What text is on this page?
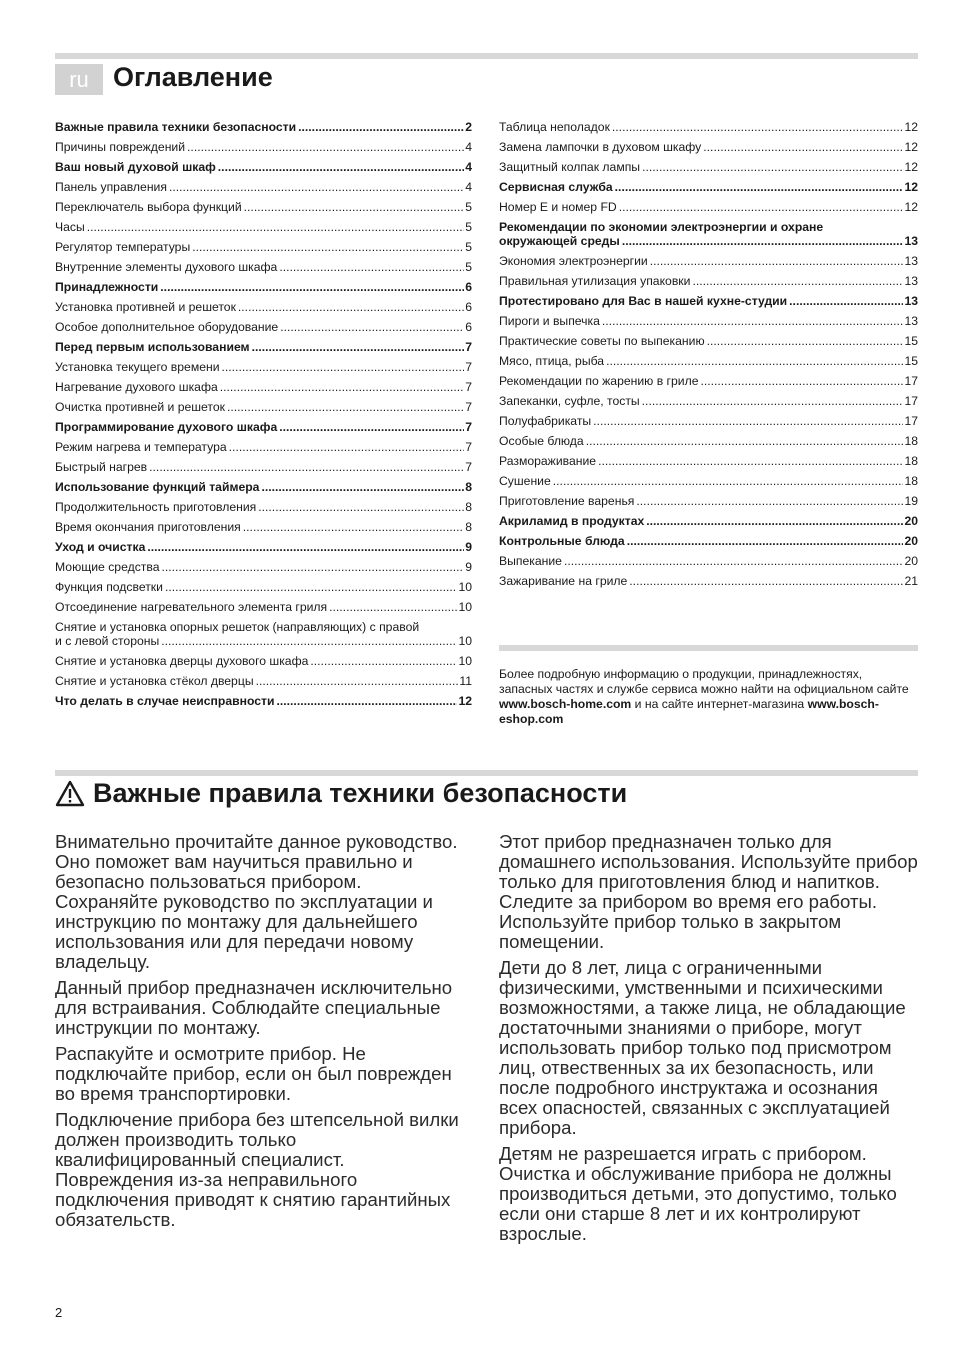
ru Оглавление
Важные правила техники безопасности .....	2
Причины повреждений .....	4
Ваш новый духовой шкаф .....	4
Панель управления .....	4
Переключатель выбора функций .....	5
Часы .....	5
Регулятор температуры .....	5
Внутренние элементы духового шкафа .....	5
Принадлежности .....	6
Установка противней и решеток .....	6
Особое дополнительное оборудование .....	6
Перед первым использованием .....	7
Установка текущего времени .....	7
Нагревание духового шкафа .....	7
Очистка противней и решеток .....	7
Программирование духового шкафа .....	7
Режим нагрева и температура .....	7
Быстрый нагрев .....	7
Использование функций таймера .....	8
Продолжительность приготовления .....	8
Время окончания приготовления .....	8
Уход и очистка .....	9
Моющие средства .....	9
Функция подсветки .....	10
Отсоединение нагревательного элемента гриля .....	10
Снятие и установка опорных решеток (направляющих) с правой
и с левой стороны .....	10
Снятие и установка дверцы духового шкафа .....	10
Снятие и установка стёкол дверцы .....	11
Что делать в случае неисправности .....	12
Таблица неполадок .....	12
Замена лампочки в духовом шкафу .....	12
Защитный колпак лампы .....	12
Сервисная служба .....	12
Номер E и номер FD .....	12
Рекомендации по экономии электроэнергии и охране
окружающей среды .....	13
Экономия электроэнергии .....	13
Правильная утилизация упаковки .....	13
Протестировано для Вас в нашей кухне-студии .....	13
Пироги и выпечка .....	13
Практические советы по выпеканию .....	15
Мясо, птица, рыба .....	15
Рекомендации по жарению в гриле .....	17
Запеканки, суфле, тосты .....	17
Полуфабрикаты .....	17
Особые блюда .....	18
Размораживание .....	18
Сушение .....	18
Приготовление варенья .....	19
Акриламид в продуктах .....	20
Контрольные блюда .....	20
Выпекание .....	20
Зажаривание на гриле .....	21
Более подробную информацию о продукции, принадлежностях, запасных частях и службе сервиса можно найти на официальном сайте www.bosch-home.com и на сайте интернет-магазина www.bosch-eshop.com
Важные правила техники безопасности

Внимательно прочитайте данное руководство. Оно поможет вам научиться правильно и безопасно пользоваться прибором. Сохраняйте руководство по эксплуатации и инструкцию по монтажу для дальнейшего использования или для передачи новому владельцу.

Данный прибор предназначен исключительно для встраивания. Соблюдайте специальные инструкции по монтажу.

Распакуйте и осмотрите прибор. Не подключайте прибор, если он был поврежден во время транспортировки.

Подключение прибора без штепсельной вилки должен производить только квалифицированный специалист. Повреждения из-за неправильного подключения приводят к снятию гарантийных обязательств.

Этот прибор предназначен только для домашнего использования. Используйте прибор только для приготовления блюд и напитков. Следите за прибором во время его работы. Используйте прибор только в закрытом помещении.

Дети до 8 лет, лица с ограниченными физическими, умственными и психическими возможностями, а также лица, не обладающие достаточными знаниями о приборе, могут использовать прибор только под присмотром лиц, отвественных за их безопасность, или после подробного инструктажа и осознания всех опасностей, связанных с эксплуатацией прибора.

Детям не разрешается играть с прибором. Очистка и обслуживание прибора не должны производиться детьми, это допустимо, только если они старше 8 лет и их контролируют взрослые.

2
